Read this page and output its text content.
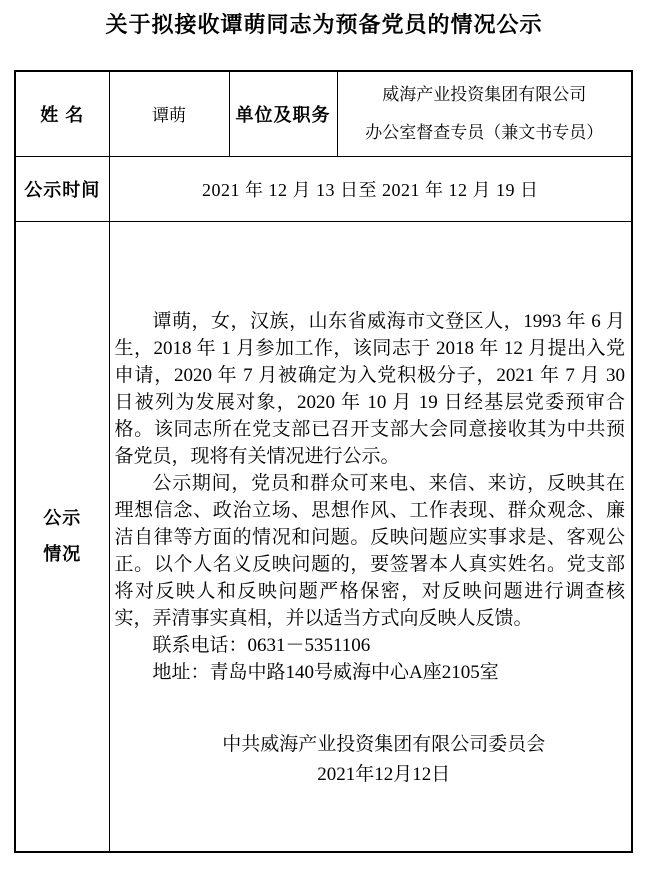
关于拟接收谭萌同志为预备党员的情况公示
姓 名	谭萌	单位及职务	威海产业投资集团有限公司
办公室督查专员（兼文书专员）

公示时间	2021 年 12 月 13 日至 2021 年 12 月 19 日		

公示
情况

谭萌，女，汉族，山东省威海市文登区人，1993 年 6 月生，2018 年 1 月参加工作，该同志于 2018 年 12 月提出入党申请，2020 年 7 月被确定为入党积极分子，2021 年 7 月 30 日被列为发展对象，2020 年 10 月 19 日经基层党委预审合格。该同志所在党支部已召开支部大会同意接收其为中共预备党员，现将有关情况进行公示。

公示期间，党员和群众可来电、来信、来访，反映其在理想信念、政治立场、思想作风、工作表现、群众观念、廉洁自律等方面的情况和问题。反映问题应实事求是、客观公正。以个人名义反映问题的，要签署本人真实姓名。党支部将对反映人和反映问题严格保密，对反映问题进行调查核实，弄清事实真相，并以适当方式向反映人反馈。

联系电话：0631－5351106

地址：青岛中路140号威海中心A座2105室

中共威海产业投资集团有限公司委员会
2021年12月12日
